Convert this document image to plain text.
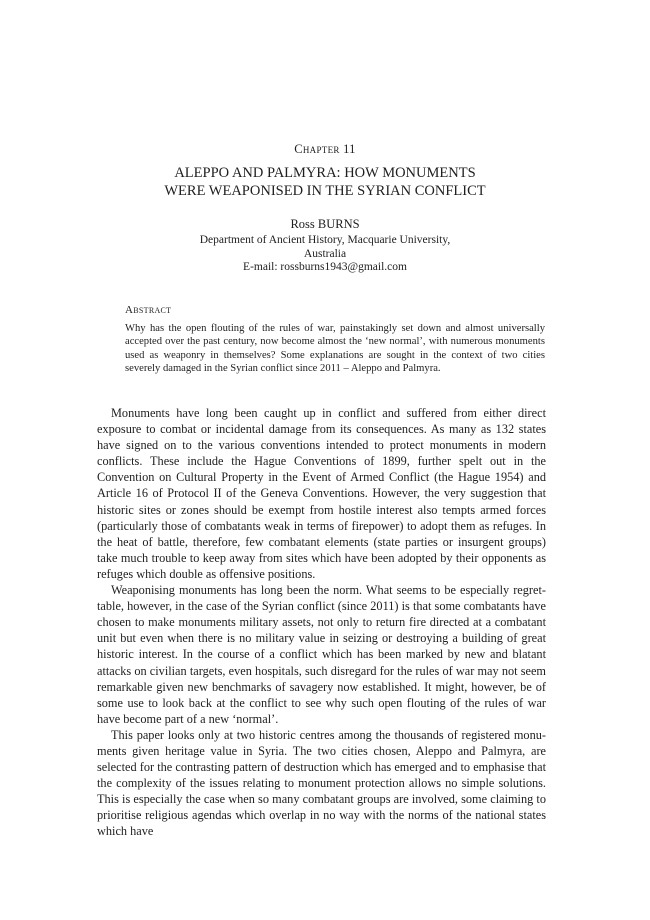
Chapter 11
ALEPPO AND PALMYRA: HOW MONUMENTS
WERE WEAPONISED IN THE SYRIAN CONFLICT
Ross BURNS
Department of Ancient History, Macquarie University,
Australia
E-mail: rossburns1943@gmail.com
Abstract
Why has the open flouting of the rules of war, painstakingly set down and almost universally accepted over the past century, now become almost the ‘new normal’, with numerous monuments used as weaponry in themselves? Some explanations are sought in the context of two cities severely damaged in the Syrian conflict since 2011 – Aleppo and Palmyra.

Monuments have long been caught up in conflict and suffered from either direct exposure to combat or incidental damage from its consequences. As many as 132 states have signed on to the various conventions intended to protect monuments in modern conflicts. These include the Hague Conventions of 1899, further spelt out in the Convention on Cultural Property in the Event of Armed Conflict (the Hague 1954) and Article 16 of Protocol II of the Geneva Conventions. However, the very suggestion that historic sites or zones should be exempt from hostile interest also tempts armed forces (particularly those of combatants weak in terms of firepower) to adopt them as refuges. In the heat of battle, therefore, few combatant elements (state parties or insurgent groups) take much trouble to keep away from sites which have been adopted by their opponents as refuges which double as offensive positions.

Weaponising monuments has long been the norm. What seems to be especially regrettable, however, in the case of the Syrian conflict (since 2011) is that some combatants have chosen to make monuments military assets, not only to return fire directed at a combatant unit but even when there is no military value in seizing or destroying a building of great historic interest. In the course of a conflict which has been marked by new and blatant attacks on civilian targets, even hospitals, such disregard for the rules of war may not seem remarkable given new benchmarks of savagery now established. It might, however, be of some use to look back at the conflict to see why such open flouting of the rules of war have become part of a new ‘normal’.

This paper looks only at two historic centres among the thousands of registered monuments given heritage value in Syria. The two cities chosen, Aleppo and Palmyra, are selected for the contrasting pattern of destruction which has emerged and to emphasise that the complexity of the issues relating to monument protection allows no simple solutions. This is especially the case when so many combatant groups are involved, some claiming to prioritise religious agendas which overlap in no way with the norms of the national states which have
